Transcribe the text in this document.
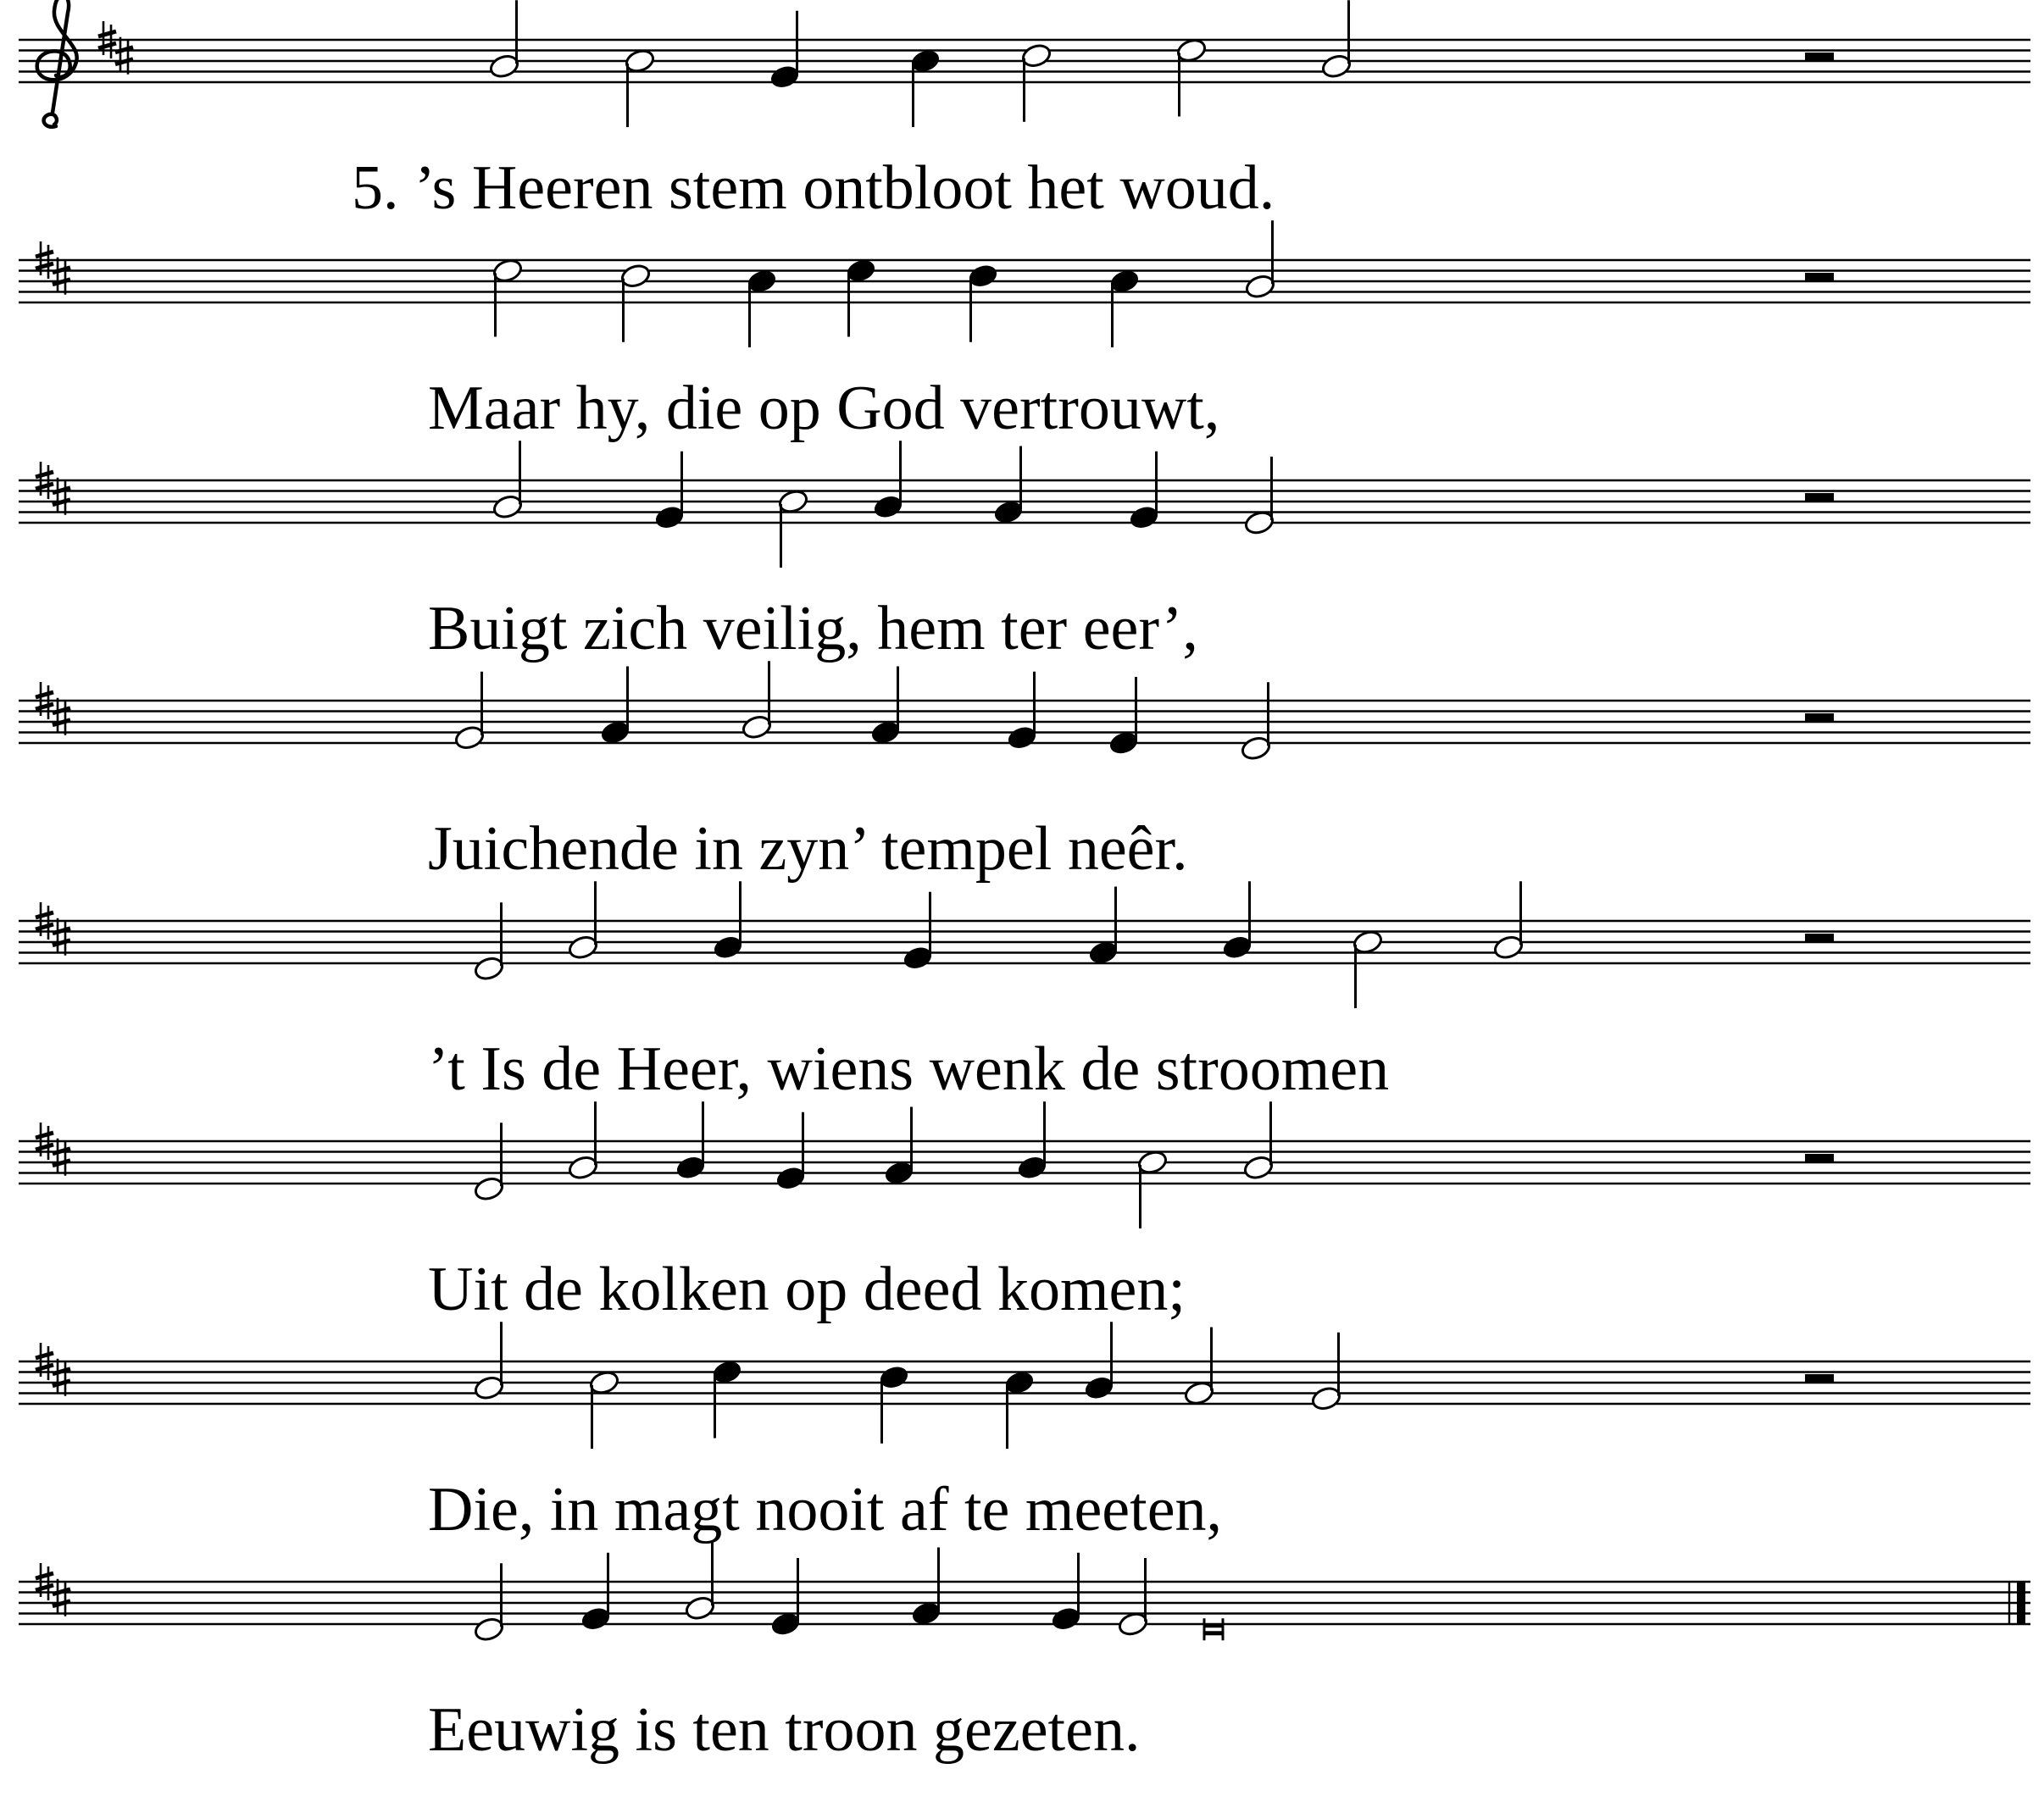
5. ’s Heeren stem ontbloot het woud.
Maar hy, die op God vertrouwt,
Buigt zich veilig, hem ter eer’,
Juichende in zyn’ tempel neêr.
’t Is de Heer, wiens wenk de stroomen
Uit de kolken op deed komen;
Die, in magt nooit af te meeten,
Eeuwig is ten troon gezeten.
